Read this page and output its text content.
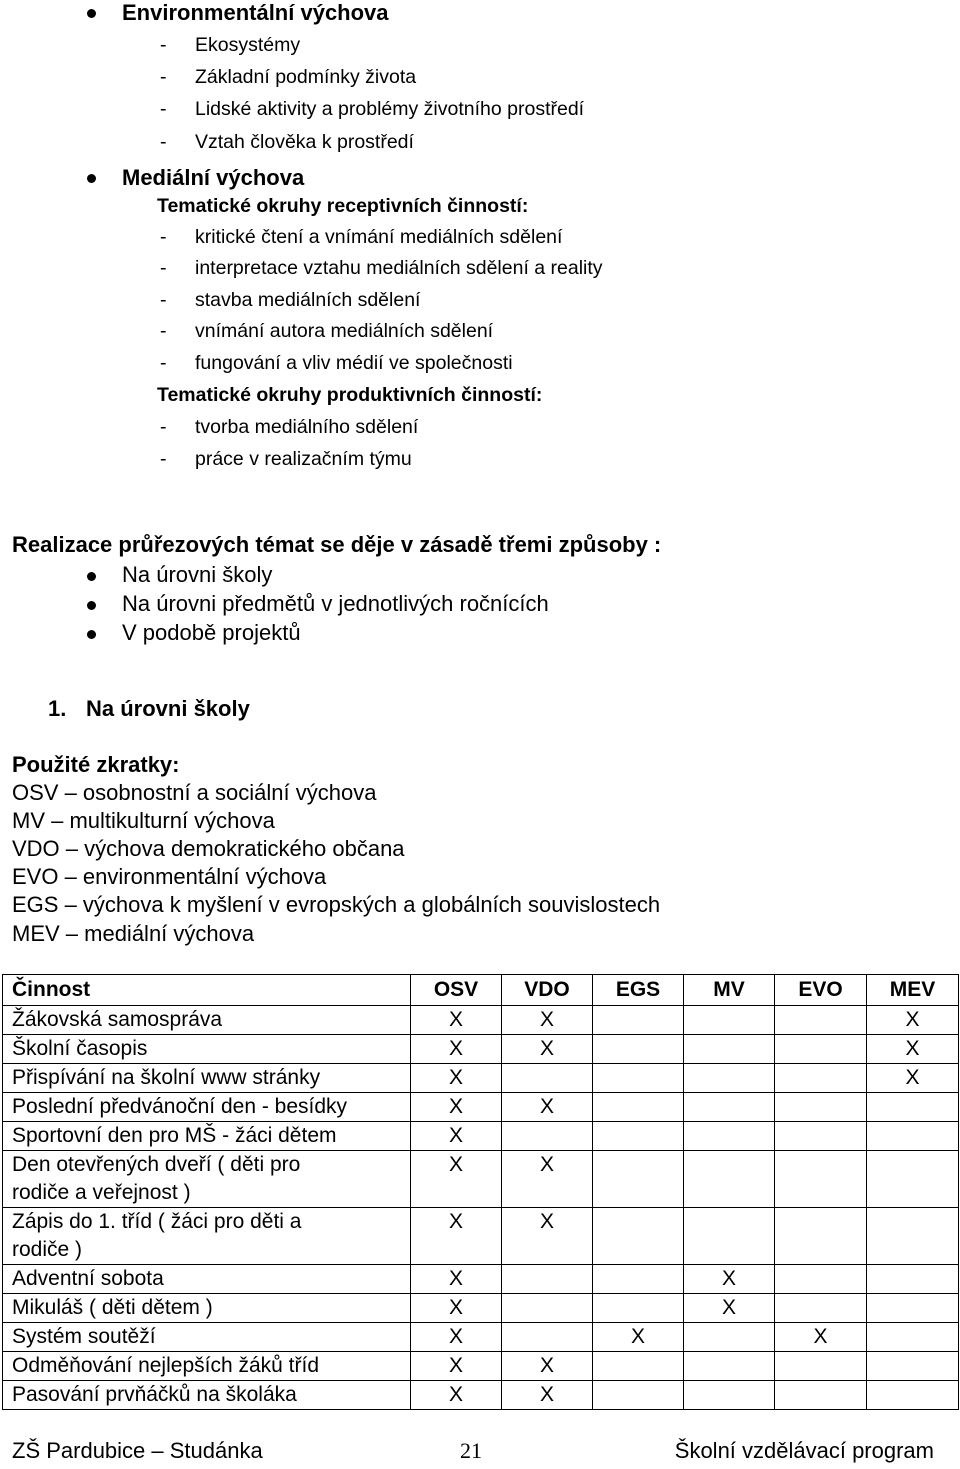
Environmentální výchova
- Ekosystémy
- Základní podmínky života
- Lidské aktivity a problémy životního prostředí
- Vztah člověka k prostředí
Mediální výchova
Tematické okruhy receptivních činností:
- kritické čtení a vnímání mediálních sdělení
- interpretace vztahu mediálních sdělení a reality
- stavba mediálních sdělení
- vnímání autora mediálních sdělení
- fungování a vliv médií ve společnosti
Tematické okruhy produktivních činností:
- tvorba mediálního sdělení
- práce v realizačním týmu
Realizace průřezových témat se děje v zásadě třemi způsoby :
Na úrovni školy
Na úrovni předmětů v jednotlivých ročnících
V podobě projektů
1. Na úrovni školy
Použité zkratky:
OSV – osobnostní a sociální výchova
MV – multikulturní výchova
VDO – výchova demokratického občana
EVO – environmentální výchova
EGS – výchova k myšlení v evropských a globálních souvislostech
MEV – mediální výchova
Činnost	OSV	VDO	EGS	MV	EVO	MEV
Žákovská samospráva	X	X				X
Školní časopis	X	X				X
Přispívání na školní www stránky	X					X
Poslední předvánoční den - besídky	X	X				
Sportovní den pro MŠ - žáci dětem	X					
Den otevřených dveří ( děti pro rodiče a veřejnost )	X	X				
Zápis do 1. tříd ( žáci pro děti a rodiče )	X	X				
Adventní sobota	X			X		
Mikuláš ( děti dětem )	X			X		
Systém soutěží	X		X		X	
Odměňování nejlepších žáků tříd	X	X				
Pasování prvňáčků na školáka	X	X				
ZŠ Pardubice – Studánka	21	Školní vzdělávací program
